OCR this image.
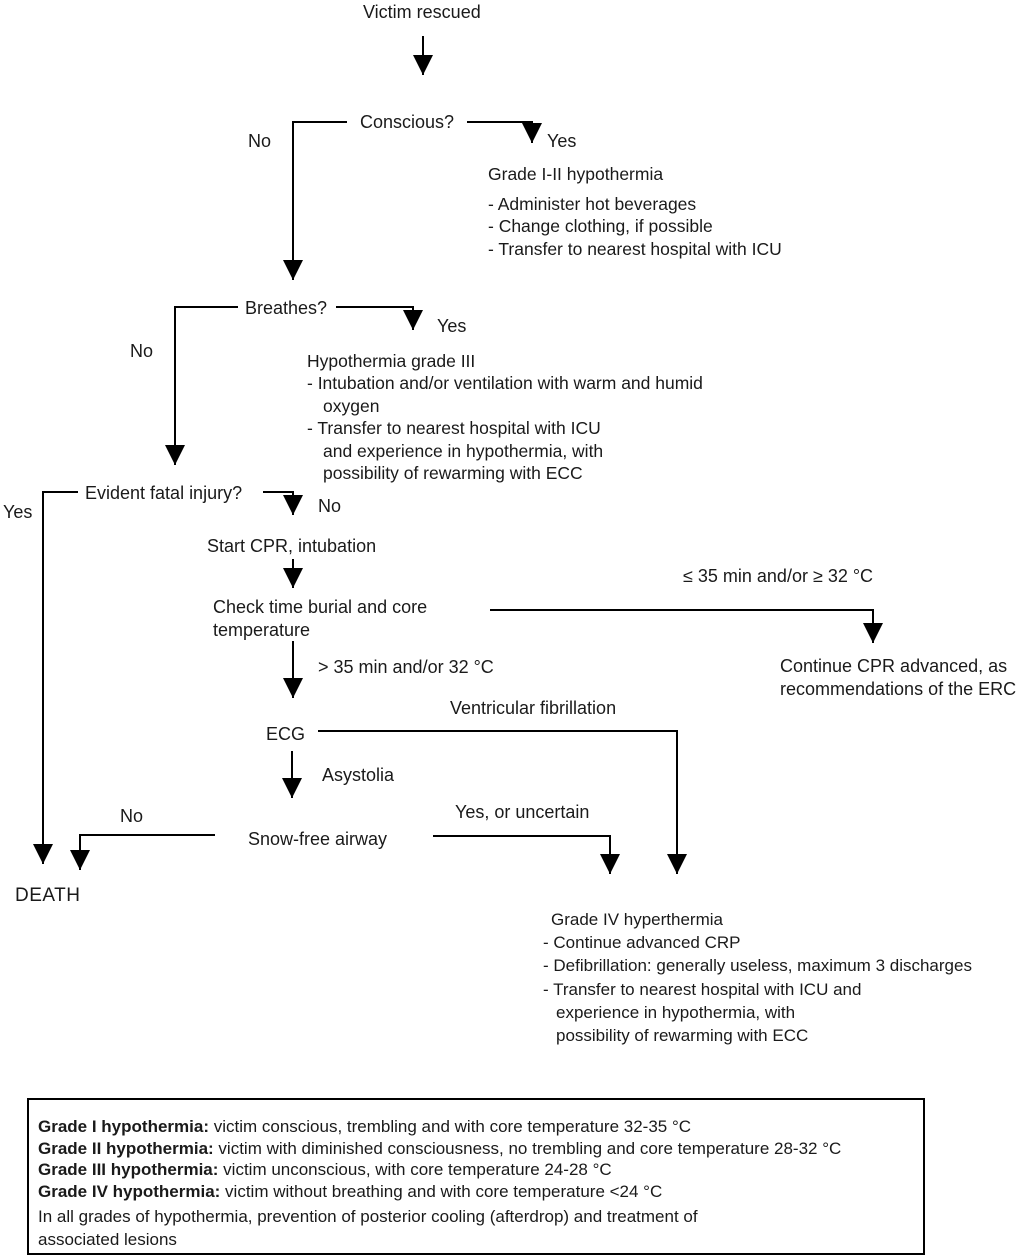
Victim rescued
Conscious?
No	Yes
Grade I-II hypothermia
- Administer hot beverages
- Change clothing, if possible
- Transfer to nearest hospital with ICU
Breathes?
No
Yes
Hypothermia grade III
- Intubation and/or ventilation with warm and humid
oxygen
- Transfer to nearest hospital with ICU
and experience in hypothermia, with
possibility of rewarming with ECC
Evident fatal injury?
Yes	No
Start CPR, intubation
Check time burial and core
temperature
≤ 35 min and/or ≥ 32 °C
> 35 min and/or 32 °C	Continue CPR advanced, as
recommendations of the ERC
ECG
Ventricular fibrillation
Asystolia
No
Snow-free airway
Yes, or uncertain
DEATH
Grade IV hyperthermia
- Continue advanced CRP
- Defibrillation: generally useless, maximum 3 discharges
- Transfer to nearest hospital with ICU and
experience in hypothermia, with
possibility of rewarming with ECC
Grade I hypothermia: victim conscious, trembling and with core temperature 32-35 °C
Grade II hypothermia: victim with diminished consciousness, no trembling and core temperature 28-32 °C
Grade III hypothermia: victim unconscious, with core temperature 24-28 °C
Grade IV hypothermia: victim without breathing and with core temperature <24 °C
In all grades of hypothermia, prevention of posterior cooling (afterdrop) and treatment of
associated lesions
